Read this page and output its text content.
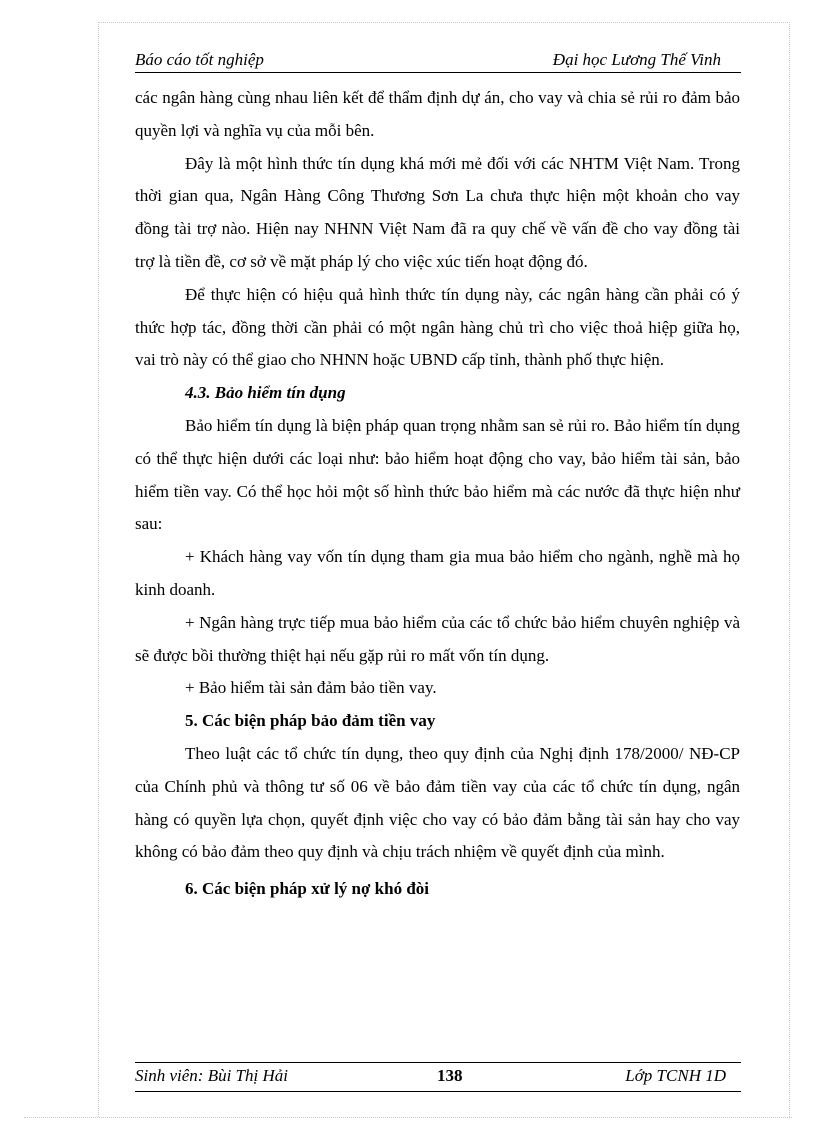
Báo cáo tốt nghiệp	Đại học Lương Thế Vinh

các ngân hàng cùng nhau liên kết để thẩm định dự án, cho vay và chia sẻ rủi ro đảm bảo quyền lợi và nghĩa vụ của mỗi bên.

Đây là một hình thức tín dụng khá mới mẻ đối với các NHTM Việt Nam. Trong thời gian qua, Ngân Hàng Công Thương Sơn La chưa thực hiện một khoản cho vay đồng tài trợ nào. Hiện nay NHNN Việt Nam đã ra quy chế về vấn đề cho vay đồng tài trợ là tiền đề, cơ sở về mặt pháp lý cho việc xúc tiến hoạt động đó.

Để thực hiện có hiệu quả hình thức tín dụng này, các ngân hàng cần phải có ý thức hợp tác, đồng thời cần phải có một ngân hàng chủ trì cho việc thoả hiệp giữa họ, vai trò này có thể giao cho NHNN hoặc UBND cấp tỉnh, thành phố thực hiện.

4.3. Bảo hiểm tín dụng

Bảo hiểm tín dụng là biện pháp quan trọng nhằm san sẻ rủi ro. Bảo hiểm tín dụng có thể thực hiện dưới các loại như: bảo hiểm hoạt động cho vay, bảo hiểm tài sản, bảo hiểm tiền vay. Có thể học hỏi một số hình thức bảo hiểm mà các nước đã thực hiện như sau:

+ Khách hàng vay vốn tín dụng tham gia mua bảo hiểm cho ngành, nghề mà họ kinh doanh.

+ Ngân hàng trực tiếp mua bảo hiểm của các tổ chức bảo hiểm chuyên nghiệp và sẽ được bồi thường thiệt hại nếu gặp rủi ro mất vốn tín dụng.

+ Bảo hiểm tài sản đảm bảo tiền vay.

5. Các biện pháp bảo đảm tiền vay

Theo luật các tổ chức tín dụng, theo quy định của Nghị định 178/2000/ NĐ-CP của Chính phủ và thông tư số 06 về bảo đảm tiền vay của các tổ chức tín dụng, ngân hàng có quyền lựa chọn, quyết định việc cho vay có bảo đảm bằng tài sản hay cho vay không có bảo đảm theo quy định và chịu trách nhiệm về quyết định của mình.

6. Các biện pháp xử lý nợ khó đòi

Sinh viên: Bùi Thị Hải	138	Lớp TCNH 1D
